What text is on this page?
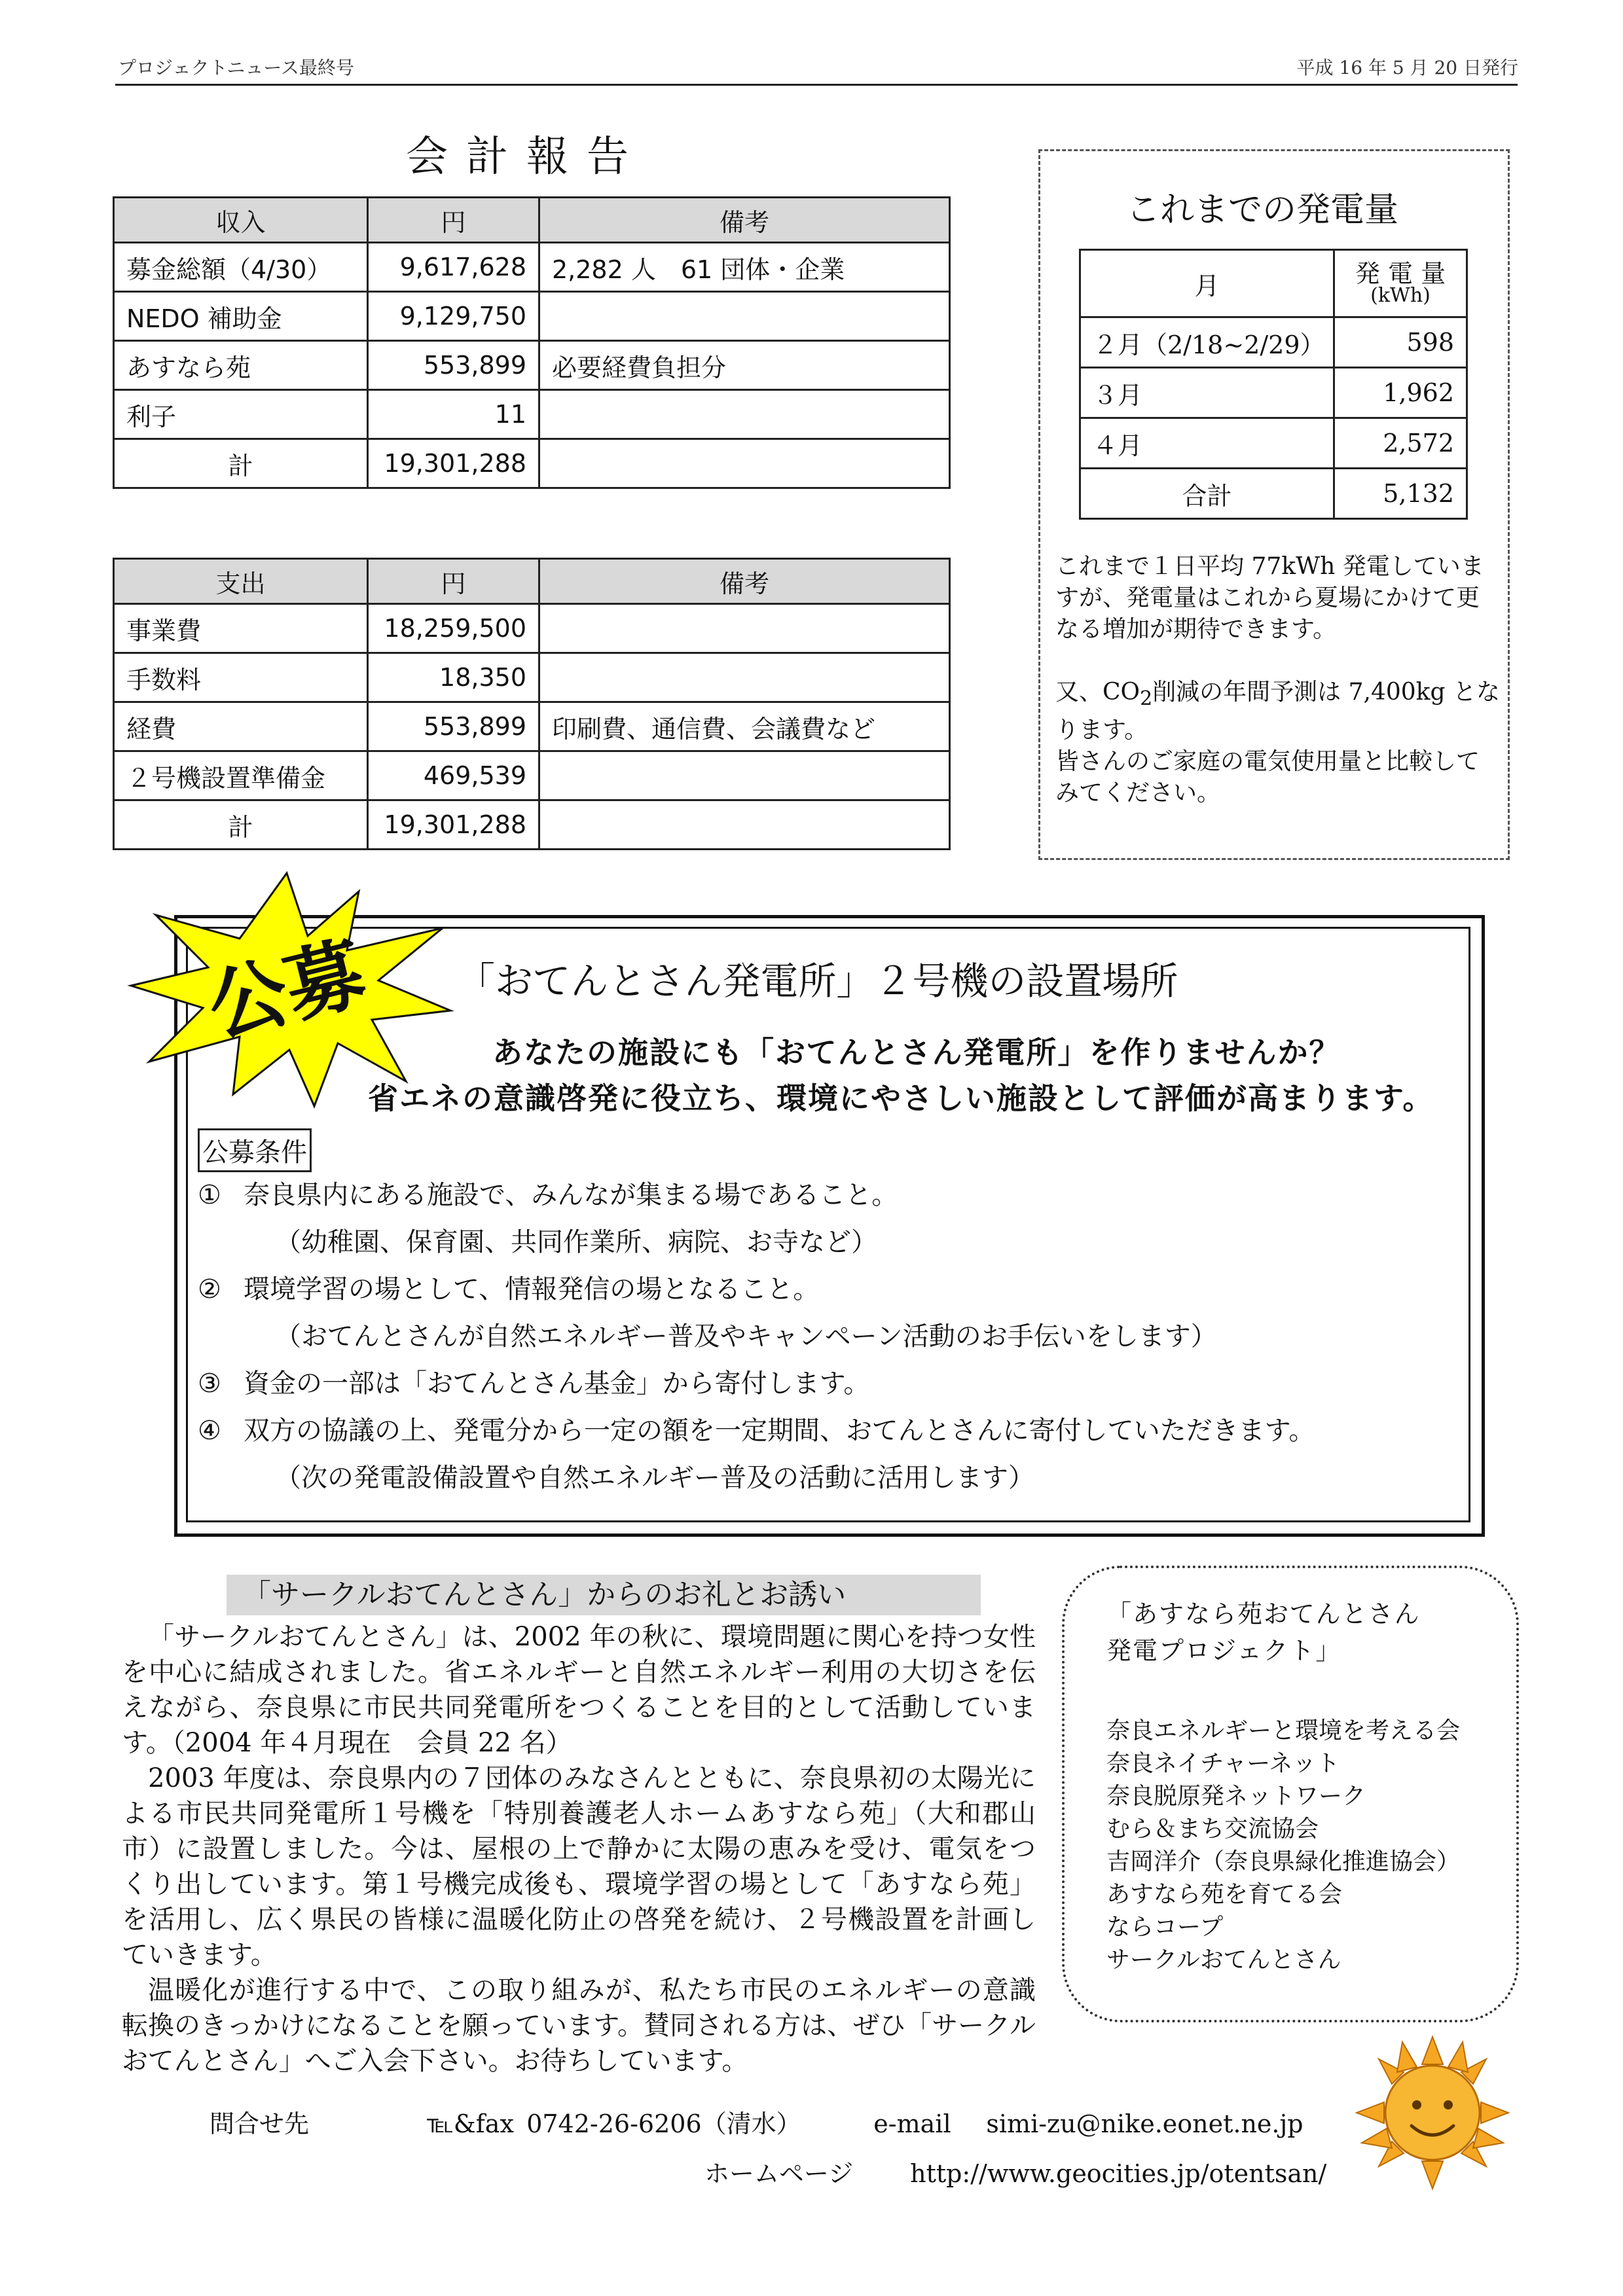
プロジェクトニュース最終号	平成 16 年 5 月 20 日発行
会計報告
収入	円	備考
募金総額（4/30）	9,617,628	2,282 人　61 団体・企業
NEDO 補助金	9,129,750	
あすなら苑	553,899	必要経費負担分
利子	11	
計	19,301,288	
支出	円	備考
事業費	18,259,500	
手数料	18,350	
経費	553,899	印刷費、通信費、会議費など
２号機設置準備金	469,539	
計	19,301,288	
これまでの発電量
月	発 電 量
(kWh)

２月（2/18~2/29）	598
３月	1,962
４月	2,572
合計	5,132

これまで１日平均 77kWh 発電していますが、発電量はこれから夏場にかけて更なる増加が期待できます。

又、$CO_2$削減の年間予測は 7,400kg となります。

皆さんのご家庭の電気使用量と比較してみてください。

公募 「おてんとさん発電所」２号機の設置場所
あなたの施設にも「おてんとさん発電所」を作りませんか？
省エネの意識啓発に役立ち、環境にやさしい施設として評価が高まります。
公募条件
① 奈良県内にある施設で、みんなが集まる場であること。
（幼稚園、保育園、共同作業所、病院、お寺など）
② 環境学習の場として、情報発信の場となること。
（おてんとさんが自然エネルギー普及やキャンペーン活動のお手伝いをします）
③ 資金の一部は「おてんとさん基金」から寄付します。
④ 双方の協議の上、発電分から一定の額を一定期間、おてんとさんに寄付していただきます。
（次の発電設備設置や自然エネルギー普及の活動に活用します）
「サークルおてんとさん」からのお礼とお誘い

「サークルおてんとさん」は、2002 年の秋に、環境問題に関心を持つ女性を中心に結成されました。省エネルギーと自然エネルギー利用の大切さを伝えながら、奈良県に市民共同発電所をつくることを目的として活動しています。（2004 年４月現在　会員 22 名）

2003 年度は、奈良県内の７団体のみなさんとともに、奈良県初の太陽光による市民共同発電所１号機を「特別養護老人ホームあすなら苑」（大和郡山市）に設置しました。今は、屋根の上で静かに太陽の恵みを受け、電気をつくり出しています。第１号機完成後も、環境学習の場として「あすなら苑」を活用し、広く県民の皆様に温暖化防止の啓発を続け、２号機設置を計画していきます。

温暖化が進行する中で、この取り組みが、私たち市民のエネルギーの意識転換のきっかけになることを願っています。賛同される方は、ぜひ「サークルおてんとさん」へご入会下さい。お待ちしています。

「あすなら苑おてんとさん
発電プロジェクト」
奈良エネルギーと環境を考える会
奈良ネイチャーネット
奈良脱原発ネットワーク
むら＆まち交流協会
吉岡洋介（奈良県緑化推進協会）
あすなら苑を育てる会
ならコープ
サークルおてんとさん
問合せ先	℡&fax 0742-26-6206（清水）	e-mail simi-zu@nike.eonet.ne.jp
ホームページ http://www.geocities.jp/otentsan/
